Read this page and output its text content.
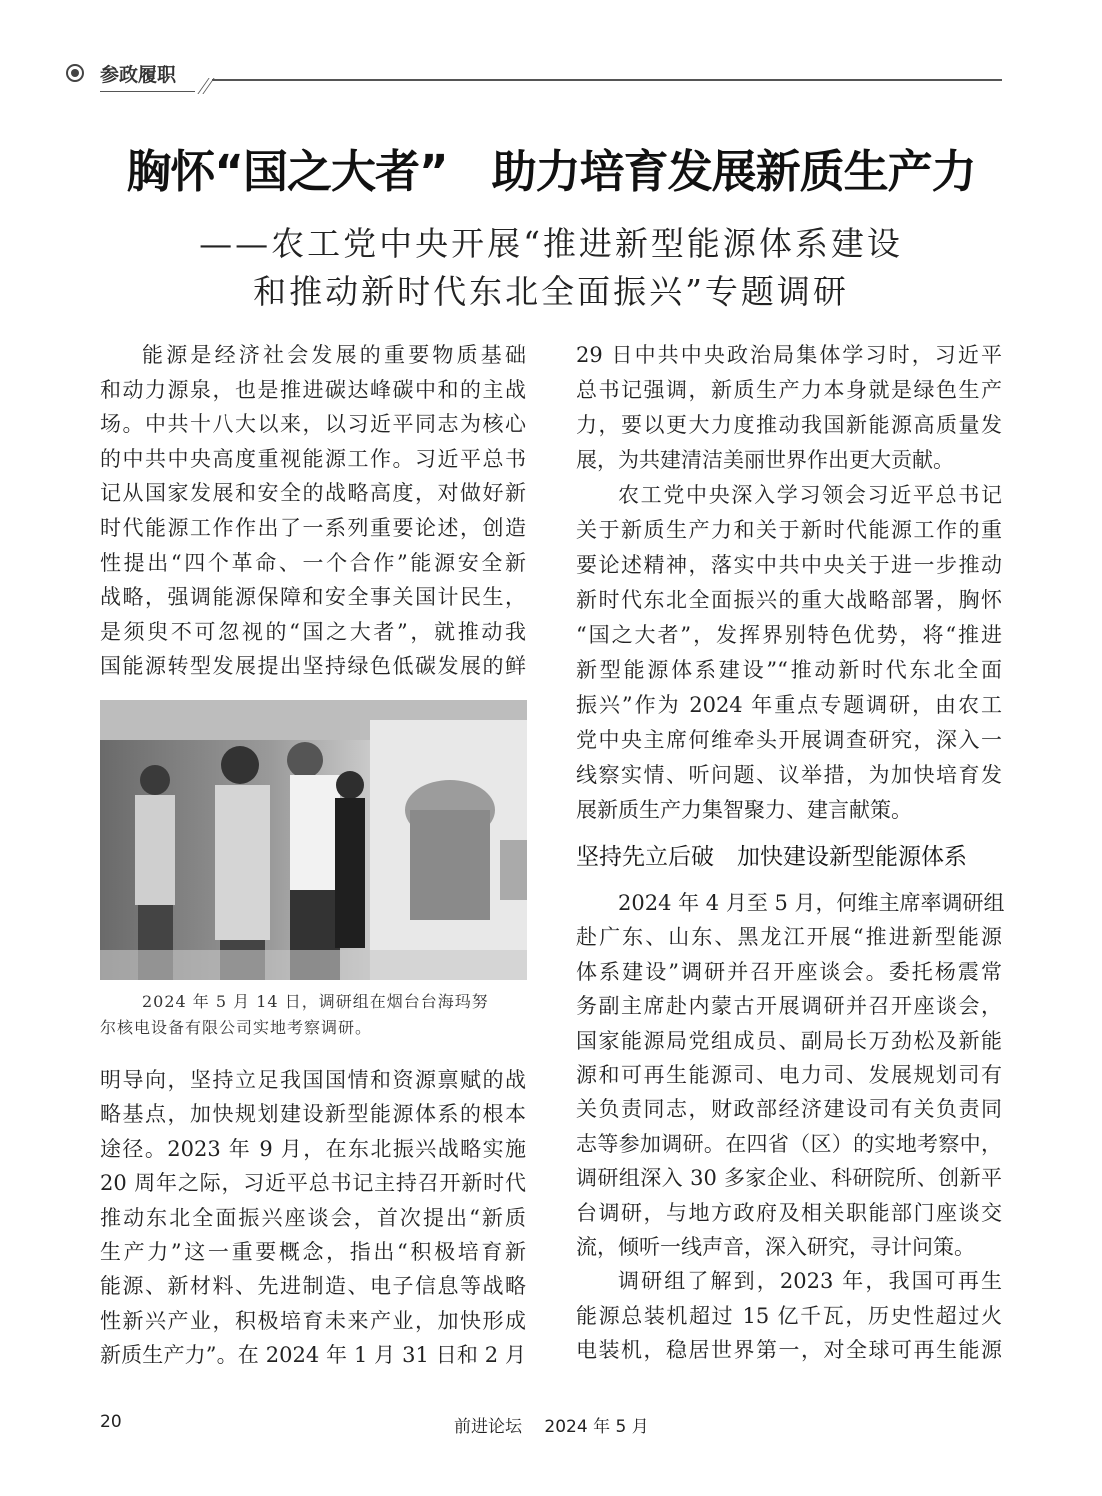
参政履职
胸怀“国之大者”　助力培育发展新质生产力
——农工党中央开展“推进新型能源体系建设
和推动新时代东北全面振兴”专题调研
能源是经济社会发展的重要物质基础
和动力源泉，也是推进碳达峰碳中和的主战
场。中共十八大以来，以习近平同志为核心
的中共中央高度重视能源工作。习近平总书
记从国家发展和安全的战略高度，对做好新
时代能源工作作出了一系列重要论述，创造
性提出“四个革命、一个合作”能源安全新
战略，强调能源保障和安全事关国计民生，
是须臾不可忽视的“国之大者”，就推动我
国能源转型发展提出坚持绿色低碳发展的鲜
2024 年 5 月 14 日，调研组在烟台台海玛努
尔核电设备有限公司实地考察调研。
明导向，坚持立足我国国情和资源禀赋的战
略基点，加快规划建设新型能源体系的根本
途径。2023 年 9 月，在东北振兴战略实施
20 周年之际，习近平总书记主持召开新时代
推动东北全面振兴座谈会，首次提出“新质
生产力”这一重要概念，指出“积极培育新
能源、新材料、先进制造、电子信息等战略
性新兴产业，积极培育未来产业，加快形成
新质生产力”。在 2024 年 1 月 31 日和 2 月
29 日中共中央政治局集体学习时，习近平
总书记强调，新质生产力本身就是绿色生产
力，要以更大力度推动我国新能源高质量发
展，为共建清洁美丽世界作出更大贡献。
农工党中央深入学习领会习近平总书记
关于新质生产力和关于新时代能源工作的重
要论述精神，落实中共中央关于进一步推动
新时代东北全面振兴的重大战略部署，胸怀
“国之大者”，发挥界别特色优势，将“推进
新型能源体系建设”“推动新时代东北全面
振兴”作为 2024 年重点专题调研，由农工
党中央主席何维牵头开展调查研究，深入一
线察实情、听问题、议举措，为加快培育发
展新质生产力集智聚力、建言献策。
坚持先立后破　加快建设新型能源体系
2024 年 4 月至 5 月，何维主席率调研组
赴广东、山东、黑龙江开展“推进新型能源
体系建设”调研并召开座谈会。委托杨震常
务副主席赴内蒙古开展调研并召开座谈会，
国家能源局党组成员、副局长万劲松及新能
源和可再生能源司、电力司、发展规划司有
关负责同志，财政部经济建设司有关负责同
志等参加调研。在四省（区）的实地考察中，
调研组深入 30 多家企业、科研院所、创新平
台调研，与地方政府及相关职能部门座谈交
流，倾听一线声音，深入研究，寻计问策。
调研组了解到，2023 年，我国可再生
能源总装机超过 15 亿千瓦，历史性超过火
电装机，稳居世界第一，对全球可再生能源
20	前进论坛　 2024 年 5 月
